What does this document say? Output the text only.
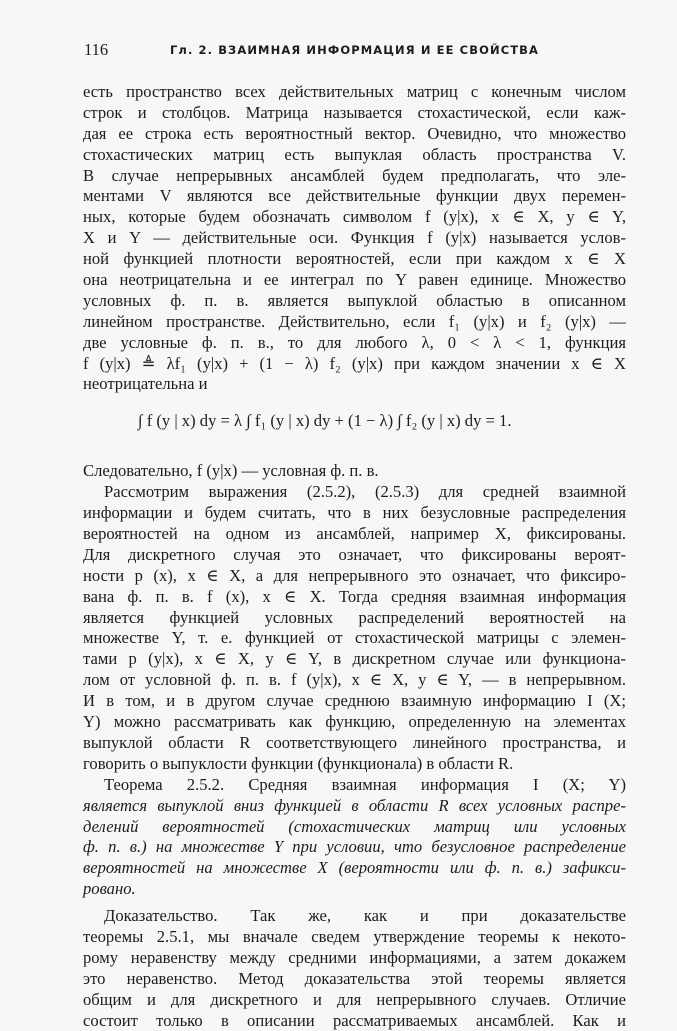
116	Гл. 2. ВЗАИМНАЯ ИНФОРМАЦИЯ И ЕЕ СВОЙСТВА
есть пространство всех действительных матриц с конечным числом
строк и столбцов. Матрица называется стохастической, если каж-
дая ее строка есть вероятностный вектор. Очевидно, что множество
стохастических матриц есть выпуклая область пространства V.
В случае непрерывных ансамблей будем предполагать, что эле-
ментами V являются все действительные функции двух перемен-
ных, которые будем обозначать символом f (y|x), x ∈ X, y ∈ Y,
X и Y — действительные оси. Функция f (y|x) называется услов-
ной функцией плотности вероятностей, если при каждом x ∈ X
она неотрицательна и ее интеграл по Y равен единице. Множество
условных ф. п. в. является выпуклой областью в описанном
линейном пространстве. Действительно, если f₁ (y|x) и f₂ (y|x) —
две условные ф. п. в., то для любого λ, 0 < λ < 1, функция
f (y|x) ≜ λf₁ (y|x) + (1 − λ) f₂ (y|x) при каждом значении x ∈ X
неотрицательна и
∫ f (y | x) dy = λ ∫ f₁ (y | x) dy + (1 − λ) ∫ f₂ (y | x) dy = 1.
Следовательно, f (y|x) — условная ф. п. в.
Рассмотрим выражения (2.5.2), (2.5.3) для средней взаимной
информации и будем считать, что в них безусловные распределения
вероятностей на одном из ансамблей, например X, фиксированы.
Для дискретного случая это означает, что фиксированы вероят-
ности p (x), x ∈ X, а для непрерывного это означает, что фиксиро-
вана ф. п. в. f (x), x ∈ X. Тогда средняя взаимная информация
является функцией условных распределений вероятностей на
множестве Y, т. е. функцией от стохастической матрицы с элемен-
тами p (y|x), x ∈ X, y ∈ Y, в дискретном случае или функциона-
лом от условной ф. п. в. f (y|x), x ∈ X, y ∈ Y, — в непрерывном.
И в том, и в другом случае среднюю взаимную информацию I (X;
Y) можно рассматривать как функцию, определенную на элементах
выпуклой области R соответствующего линейного пространства, и
говорить о выпуклости функции (функционала) в области R.
Теорема 2.5.2. Средняя взаимная информация I (X; Y)
является выпуклой вниз функцией в области R всех условных распре-
делений вероятностей (стохастических матриц или условных
ф. п. в.) на множестве Y при условии, что безусловное распределение
вероятностей на множестве X (вероятности или ф. п. в.) зафикси-
ровано.
Доказательство. Так же, как и при доказательстве
теоремы 2.5.1, мы вначале сведем утверждение теоремы к некото-
рому неравенству между средними информациями, а затем докажем
это неравенство. Метод доказательства этой теоремы является
общим и для дискретного и для непрерывного случаев. Отличие
состоит только в описании рассматриваемых ансамблей. Как и
